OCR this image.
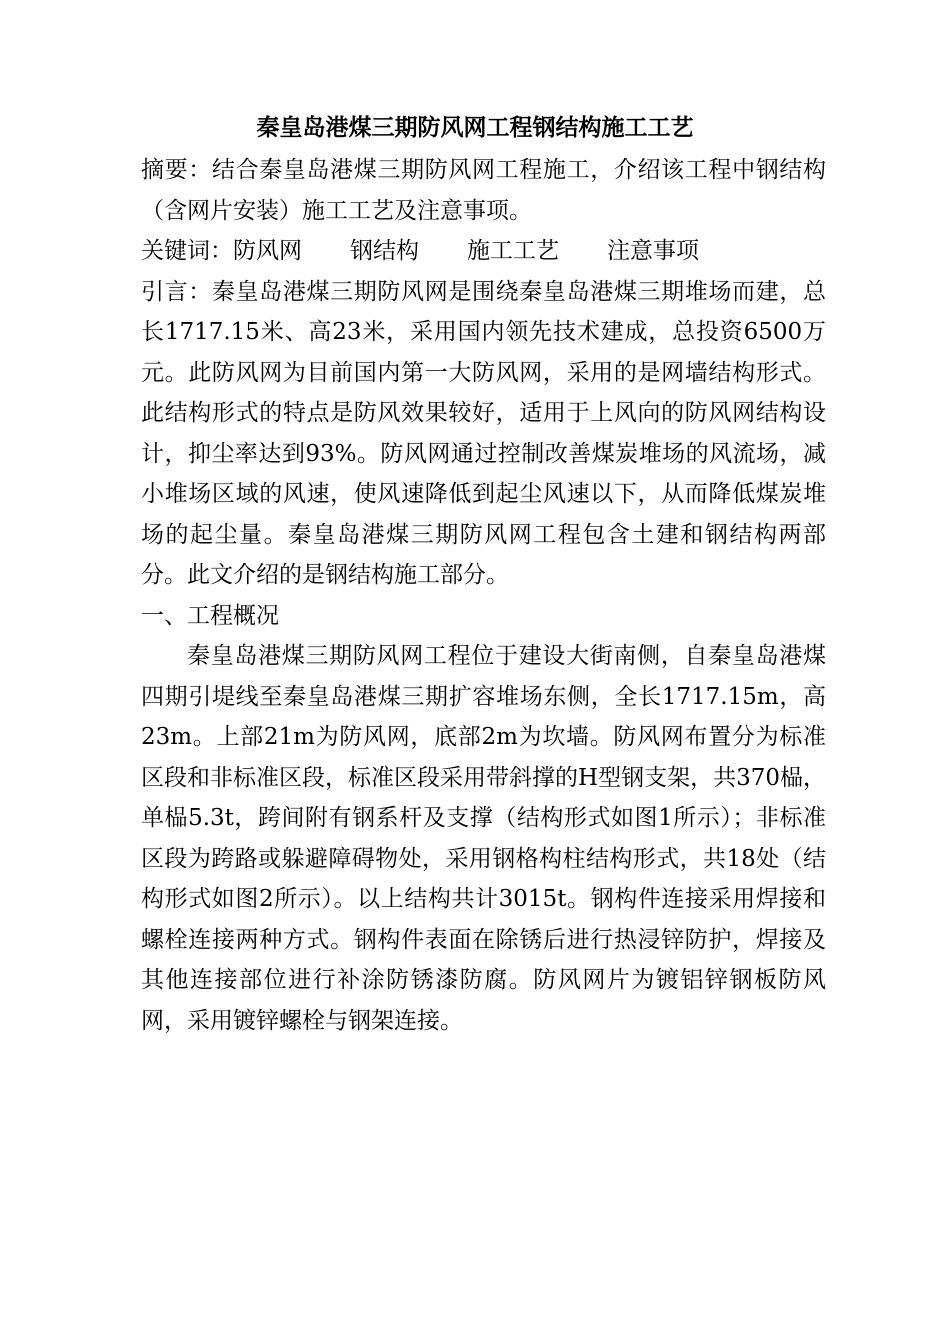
秦皇岛港煤三期防风网工程钢结构施工工艺

摘要：结合秦皇岛港煤三期防风网工程施工，介绍该工程中钢结构（含网片安装）施工工艺及注意事项。

关键词：防风网 钢结构 施工工艺 注意事项

引言：秦皇岛港煤三期防风网是围绕秦皇岛港煤三期堆场而建，总长1717.15米、高23米，采用国内领先技术建成，总投资6500万元。此防风网为目前国内第一大防风网，采用的是网墙结构形式。此结构形式的特点是防风效果较好，适用于上风向的防风网结构设计，抑尘率达到93%。防风网通过控制改善煤炭堆场的风流场，减小堆场区域的风速，使风速降低到起尘风速以下，从而降低煤炭堆场的起尘量。秦皇岛港煤三期防风网工程包含土建和钢结构两部分。此文介绍的是钢结构施工部分。

一、工程概况

秦皇岛港煤三期防风网工程位于建设大街南侧，自秦皇岛港煤四期引堤线至秦皇岛港煤三期扩容堆场东侧，全长1717.15m，高23m。上部21m为防风网，底部2m为坎墙。防风网布置分为标准区段和非标准区段，标准区段采用带斜撑的H型钢支架，共370榀，单榀5.3t，跨间附有钢系杆及支撑（结构形式如图1所示）；非标准区段为跨路或躲避障碍物处，采用钢格构柱结构形式，共18处（结构形式如图2所示）。以上结构共计3015t。钢构件连接采用焊接和螺栓连接两种方式。钢构件表面在除锈后进行热浸锌防护，焊接及其他连接部位进行补涂防锈漆防腐。防风网片为镀铝锌钢板防风网，采用镀锌螺栓与钢架连接。
